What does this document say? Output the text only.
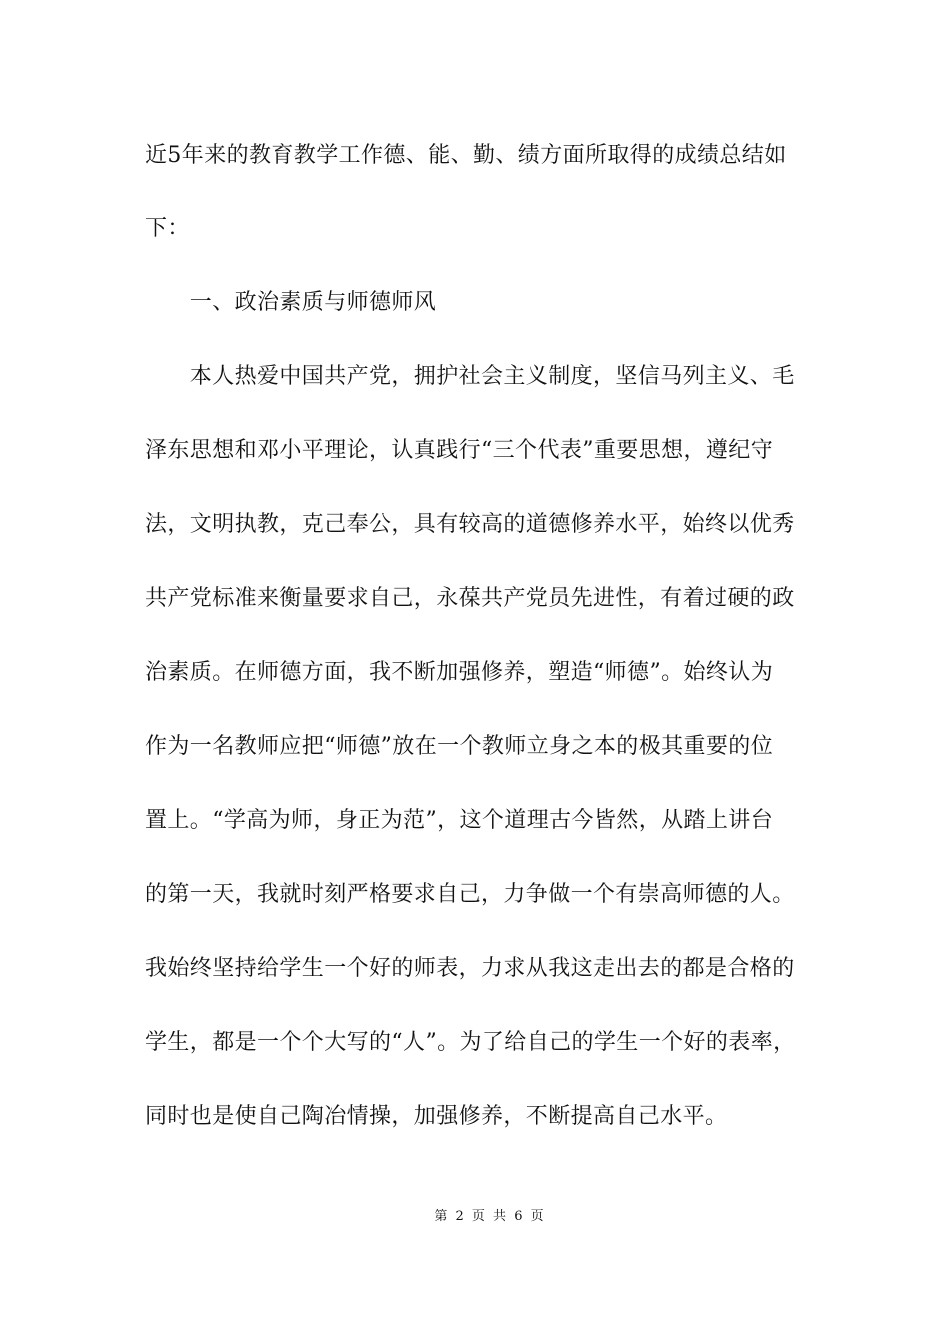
近5年来的教育教学工作德、能、勤、绩方面所取得的成绩总结如
下：
　　一、政治素质与师德师风
　　本人热爱中国共产党，拥护社会主义制度，坚信马列主义、毛
泽东思想和邓小平理论，认真践行“三个代表”重要思想，遵纪守
法，文明执教，克己奉公，具有较高的道德修养水平，始终以优秀
共产党标准来衡量要求自己，永葆共产党员先进性，有着过硬的政
治素质。在师德方面，我不断加强修养，塑造“师德”。始终认为
作为一名教师应把“师德”放在一个教师立身之本的极其重要的位
置上。“学高为师，身正为范”，这个道理古今皆然，从踏上讲台
的第一天，我就时刻严格要求自己，力争做一个有崇高师德的人。
我始终坚持给学生一个好的师表，力求从我这走出去的都是合格的
学生，都是一个个大写的“人”。为了给自己的学生一个好的表率，
同时也是使自己陶冶情操，加强修养，不断提高自己水平。
第 2 页 共 6 页
